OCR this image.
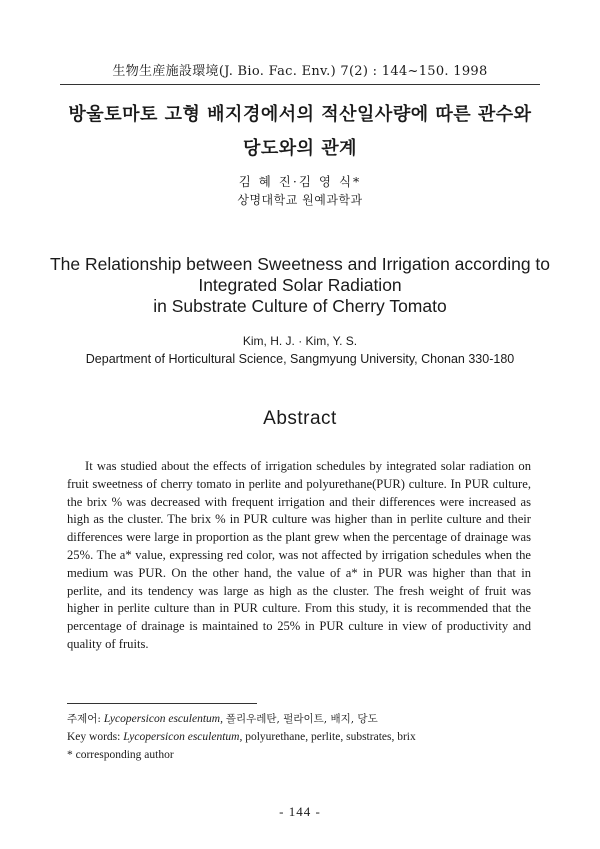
生物生産施設環境(J. Bio. Fac. Env.) 7(2) : 144~150. 1998
방울토마토 고형 배지경에서의 적산일사량에 따른 관수와
당도와의 관계
김 혜 진·김 영 식*
상명대학교 원예과학과
The Relationship between Sweetness and Irrigation according to
Integrated Solar Radiation
in Substrate Culture of Cherry Tomato
Kim, H. J. · Kim, Y. S.
Department of Horticultural Science, Sangmyung University, Chonan 330-180
Abstract
It was studied about the effects of irrigation schedules by integrated solar radiation on fruit sweetness of cherry tomato in perlite and polyurethane(PUR) culture. In PUR culture, the brix % was decreased with frequent irrigation and their differences were increased as high as the cluster. The brix % in PUR culture was higher than in perlite culture and their differences were large in proportion as the plant grew when the percentage of drainage was 25%. The a* value, expressing red color, was not affected by irrigation schedules when the medium was PUR. On the other hand, the value of a* in PUR was higher than that in perlite, and its tendency was large as high as the cluster. The fresh weight of fruit was higher in perlite culture than in PUR culture. From this study, it is recommended that the percentage of drainage is maintained to 25% in PUR culture in view of productivity and quality of fruits.
주제어: Lycopersicon esculentum, 폴리우레탄, 펄라이트, 배지, 당도
Key words: Lycopersicon esculentum, polyurethane, perlite, substrates, brix
* corresponding author
- 144 -
